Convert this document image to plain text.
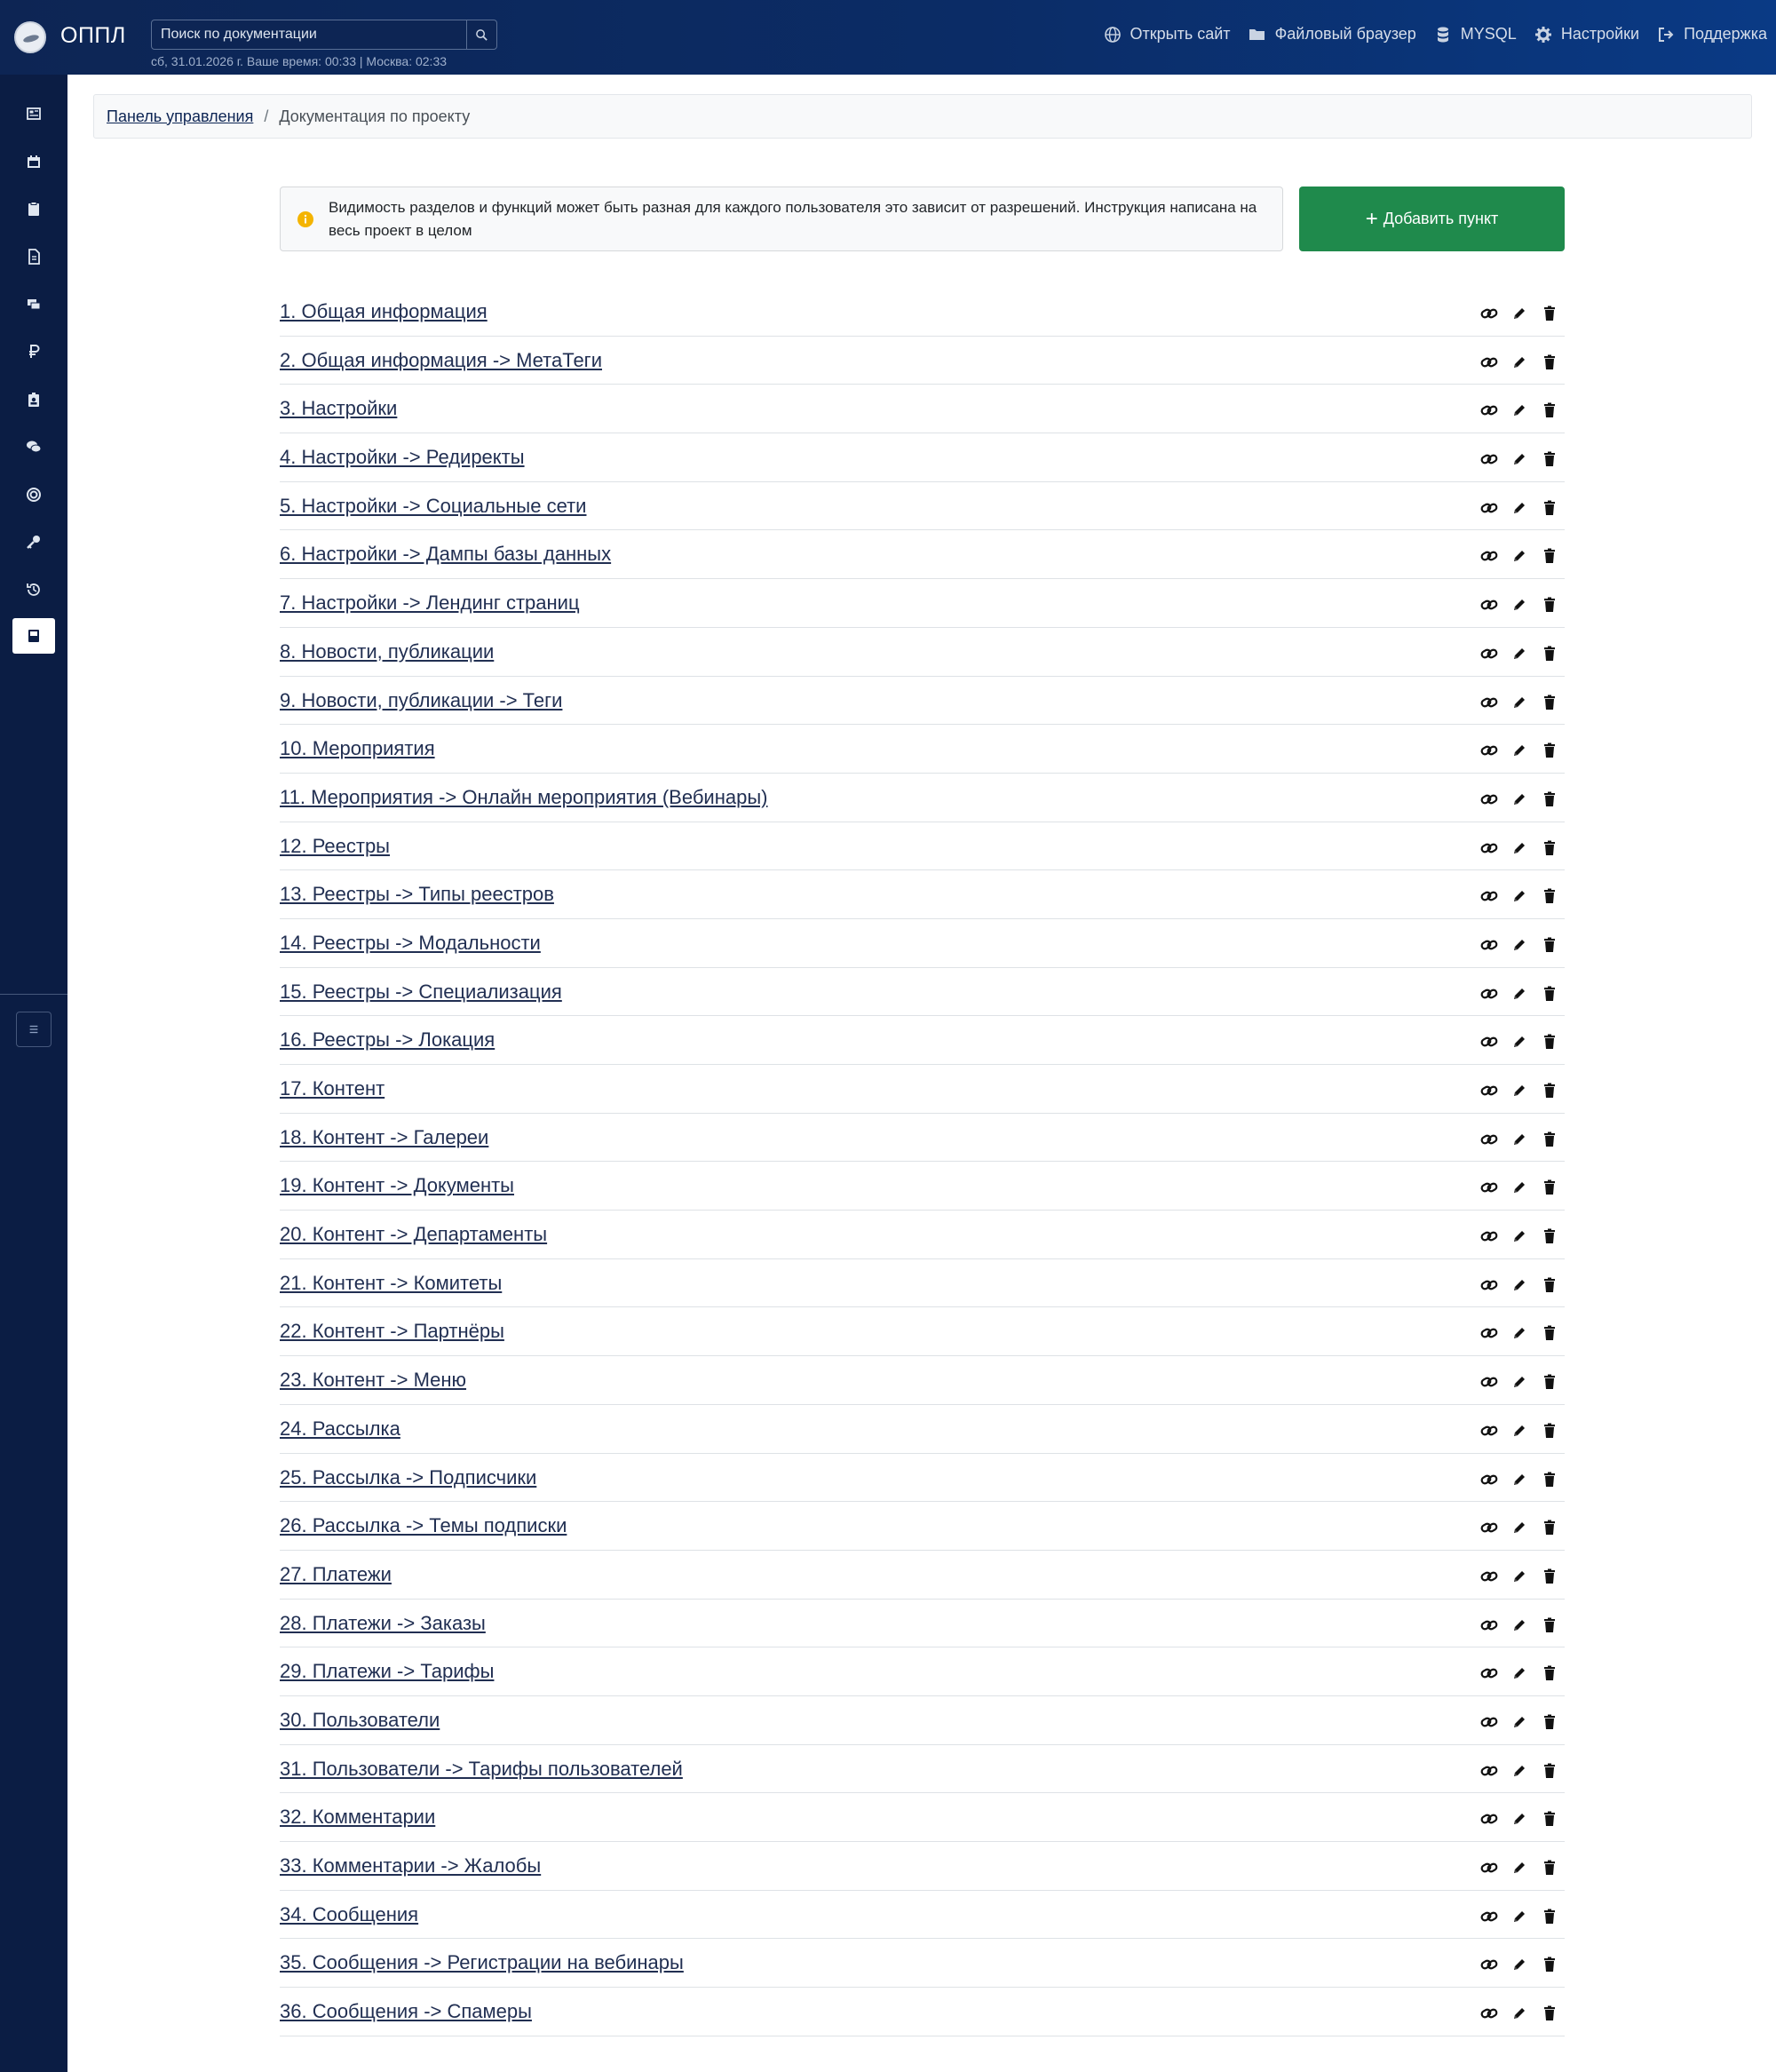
ОППЛ
Поиск по документации
сб, 31.01.2026 г. Ваше время: 00:33 | Москва: 02:33
Открыть сайт	Файловый браузер	MYSQL	Настройки	Поддержка
Панель управления / Документация по проекту
Видимость разделов и функций может быть разная для каждого пользователя это зависит от разрешений. Инструкция написана на весь проект в целом	+ Добавить пункт
1. Общая информация
2. Общая информация -> МетаТеги
3. Настройки
4. Настройки -> Редиректы
5. Настройки -> Социальные сети
6. Настройки -> Дампы базы данных
7. Настройки -> Лендинг страниц
8. Новости, публикации
9. Новости, публикации -> Теги
10. Мероприятия
11. Мероприятия -> Онлайн мероприятия (Вебинары)
12. Реестры
13. Реестры -> Типы реестров
14. Реестры -> Модальности
15. Реестры -> Специализация
16. Реестры -> Локация
17. Контент
18. Контент -> Галереи
19. Контент -> Документы
20. Контент -> Департаменты
21. Контент -> Комитеты
22. Контент -> Партнёры
23. Контент -> Меню
24. Рассылка
25. Рассылка -> Подписчики
26. Рассылка -> Темы подписки
27. Платежи
28. Платежи -> Заказы
29. Платежи -> Тарифы
30. Пользователи
31. Пользователи -> Тарифы пользователей
32. Комментарии
33. Комментарии -> Жалобы
34. Сообщения
35. Сообщения -> Регистрации на вебинары
36. Сообщения -> Спамеры
